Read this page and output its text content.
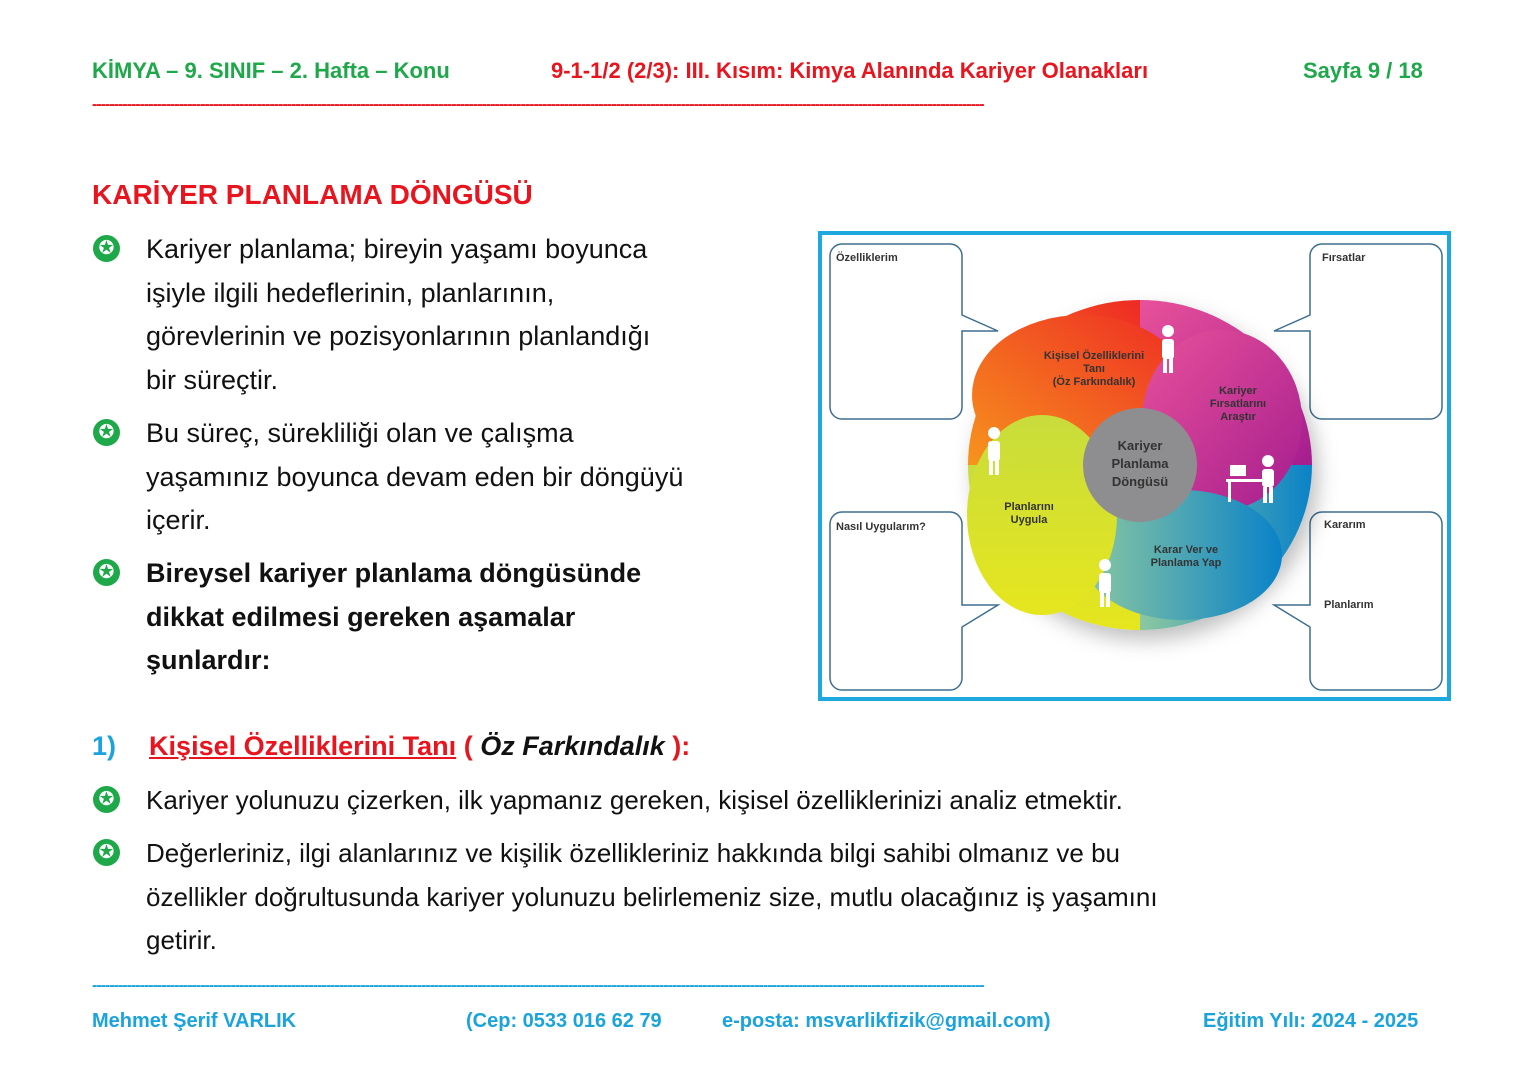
KİMYA – 9. SINIF – 2. Hafta – Konu	9-1-1/2 (2/3): III. Kısım: Kimya Alanında Kariyer Olanakları	Sayfa 9 / 18
--------------------------------------------------------------------------------------------------------------------------------------------------------------------------------------------------------------
KARİYER PLANLAMA DÖNGÜSÜ
✪ Kariyer planlama; bireyin yaşamı boyunca
işiyle ilgili hedeflerinin, planlarının,
görevlerinin ve pozisyonlarının planlandığı
bir süreçtir.
✪ Bu süreç, sürekliliği olan ve çalışma
yaşamınız boyunca devam eden bir döngüyü
içerir.
✪ Bireysel kariyer planlama döngüsünde
dikkat edilmesi gereken aşamalar
şunlardır:
Özelliklerim	Fırsatlar
Nasıl Uygularım?	Kararım
Planlarım
Kişisel Özelliklerini
Tanı
(Öz Farkındalık)
Kariyer
Fırsatlarını
Araştır
Karar Ver ve
Planlama Yap
Planlarını
Uygula
Kariyer
Planlama
Döngüsü
1) Kişisel Özelliklerini Tanı ( Öz Farkındalık ):
✪ Kariyer yolunuzu çizerken, ilk yapmanız gereken, kişisel özelliklerinizi analiz etmektir.
✪ Değerleriniz, ilgi alanlarınız ve kişilik özellikleriniz hakkında bilgi sahibi olmanız ve bu
özellikler doğrultusunda kariyer yolunuzu belirlemeniz size, mutlu olacağınız iş yaşamını
getirir.
--------------------------------------------------------------------------------------------------------------------------------------------------------------------------------------------------------------
Mehmet Şerif VARLIK	(Cep: 0533 016 62 79	e-posta: msvarlikfizik@gmail.com)	Eğitim Yılı: 2024 - 2025
